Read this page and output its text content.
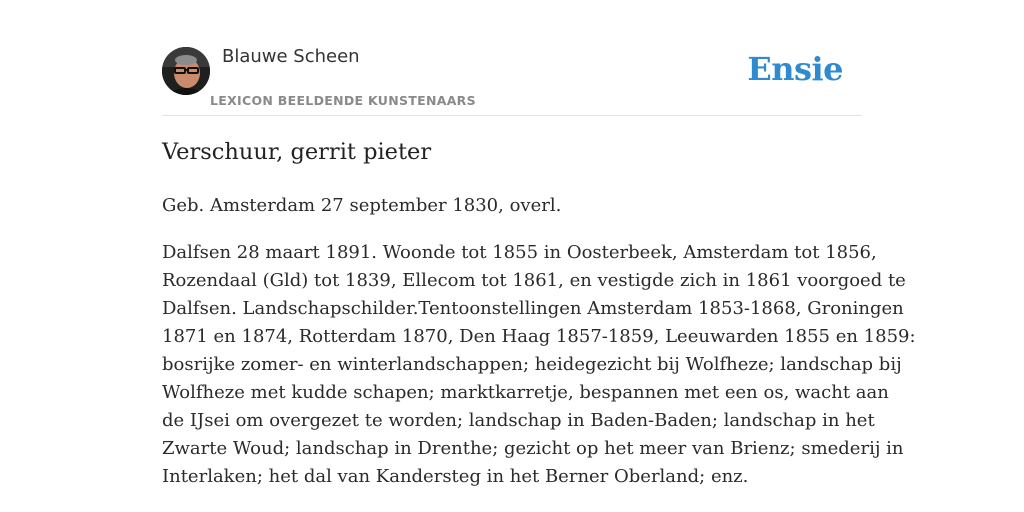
Blauwe Scheen
LEXICON BEELDENDE KUNSTENAARS
Ensie
Verschuur, gerrit pieter

Geb. Amsterdam 27 september 1830, overl.

Dalfsen 28 maart 1891. Woonde tot 1855 in Oosterbeek, Amsterdam tot 1856,
Rozendaal (Gld) tot 1839, Ellecom tot 1861, en vestigde zich in 1861 voorgoed te
Dalfsen. Landschapschilder.Tentoonstellingen Amsterdam 1853-1868, Groningen
1871 en 1874, Rotterdam 1870, Den Haag 1857-1859, Leeuwarden 1855 en 1859:
bosrijke zomer- en winterlandschappen; heidegezicht bij Wolfheze; landschap bij
Wolfheze met kudde schapen; marktkarretje, bespannen met een os, wacht aan
de IJsei om overgezet te worden; landschap in Baden-Baden; landschap in het
Zwarte Woud; landschap in Drenthe; gezicht op het meer van Brienz; smederij in
Interlaken; het dal van Kandersteg in het Berner Oberland; enz.
